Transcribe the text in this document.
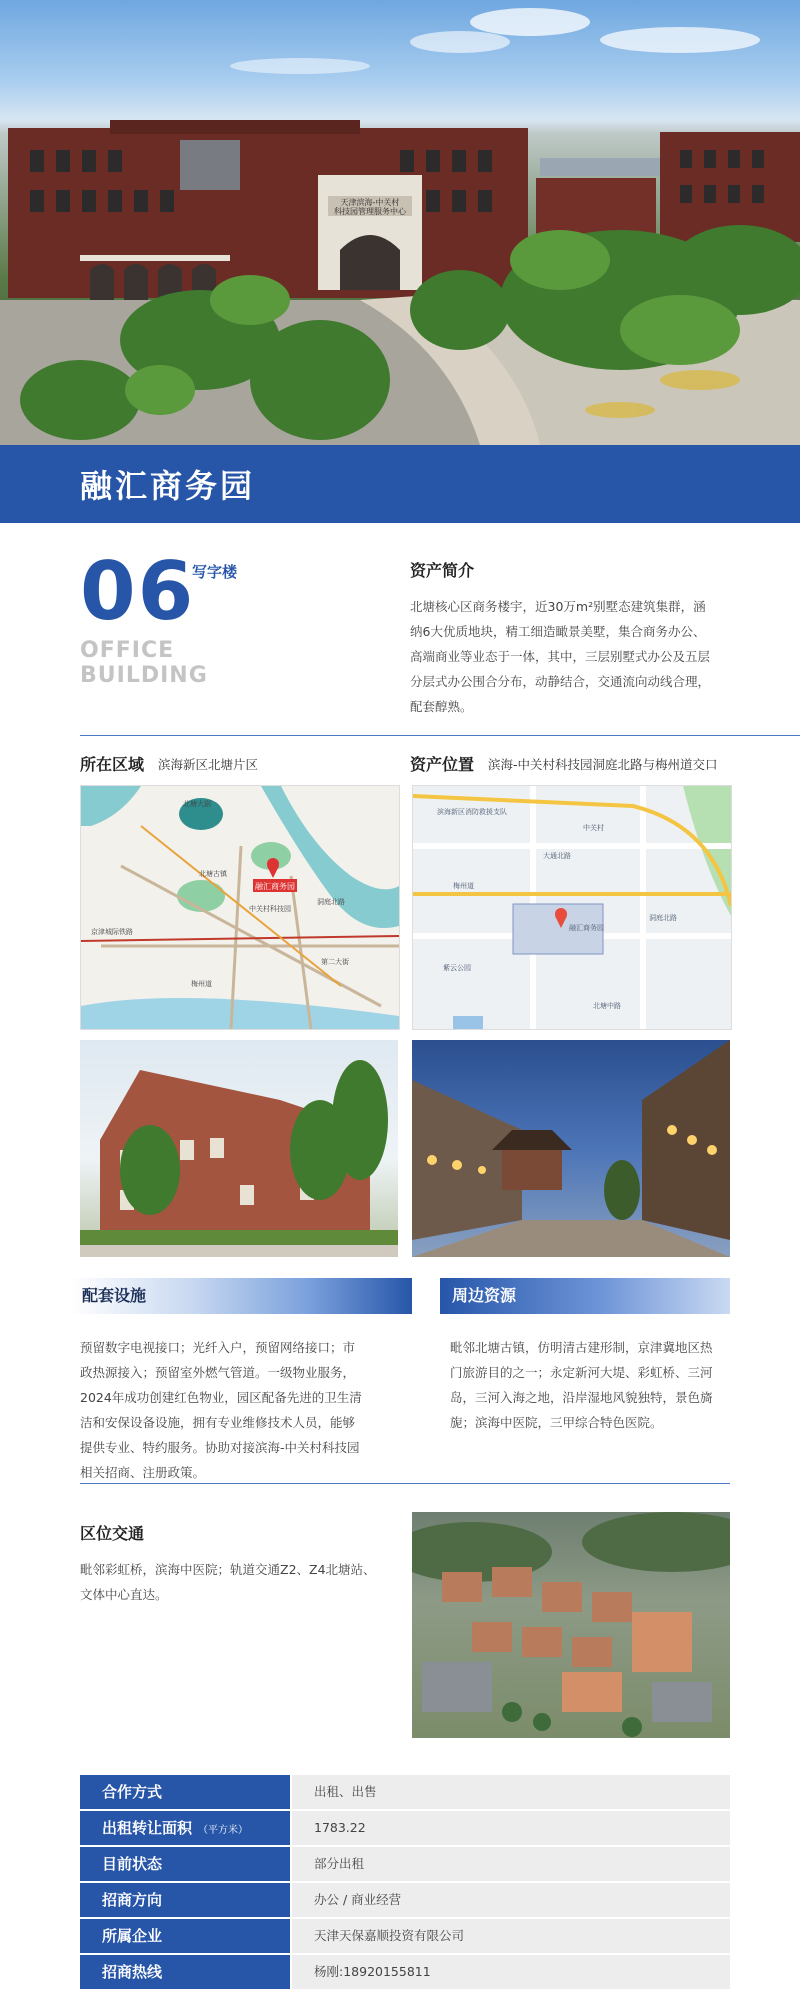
天津滨海-中关村
科技园管理服务中心
融汇商务园
06
写字楼
OFFICE
BUILDING
资产简介
北塘核心区商务楼宇，近30万m²别墅态建筑集群，涵纳6大优质地块，精工细造瞰景美墅，集合商务办公、高端商业等业态于一体，其中，三层别墅式办公及五层分层式办公围合分布，动静结合，交通流向动线合理，配套醇熟。
所在区域 滨海新区北塘片区	资产位置 滨海-中关村科技园洞庭北路与梅州道交口
融汇商务园
北塘大剧
北塘古镇
中关村科技园
洞庭北路
京津城际铁路
第二大街
梅州道
滨海新区消防救援支队
中关村
大通北路
融汇商务园
洞庭北路
梅州道
北塘中路
紫云公园
配套设施	周边资源
预留数字电视接口；光纤入户，预留网络接口；市政热源接入；预留室外燃气管道。一级物业服务，2024年成功创建红色物业，园区配备先进的卫生清洁和安保设备设施，拥有专业维修技术人员，能够提供专业、特约服务。协助对接滨海-中关村科技园相关招商、注册政策。
毗邻北塘古镇，仿明清古建形制，京津冀地区热门旅游目的之一；永定新河大堤、彩虹桥、三河岛，三河入海之地，沿岸湿地风貌独特，景色旖旎；滨海中医院，三甲综合特色医院。
区位交通
毗邻彩虹桥，滨海中医院；轨道交通Z2、Z4北塘站、文体中心直达。
合作方式	出租、出售
出租转让面积 （平方米）	1783.22
目前状态	部分出租
招商方向	办公 / 商业经营
所属企业	天津天保嘉顺投资有限公司
招商热线	杨刚:18920155811
